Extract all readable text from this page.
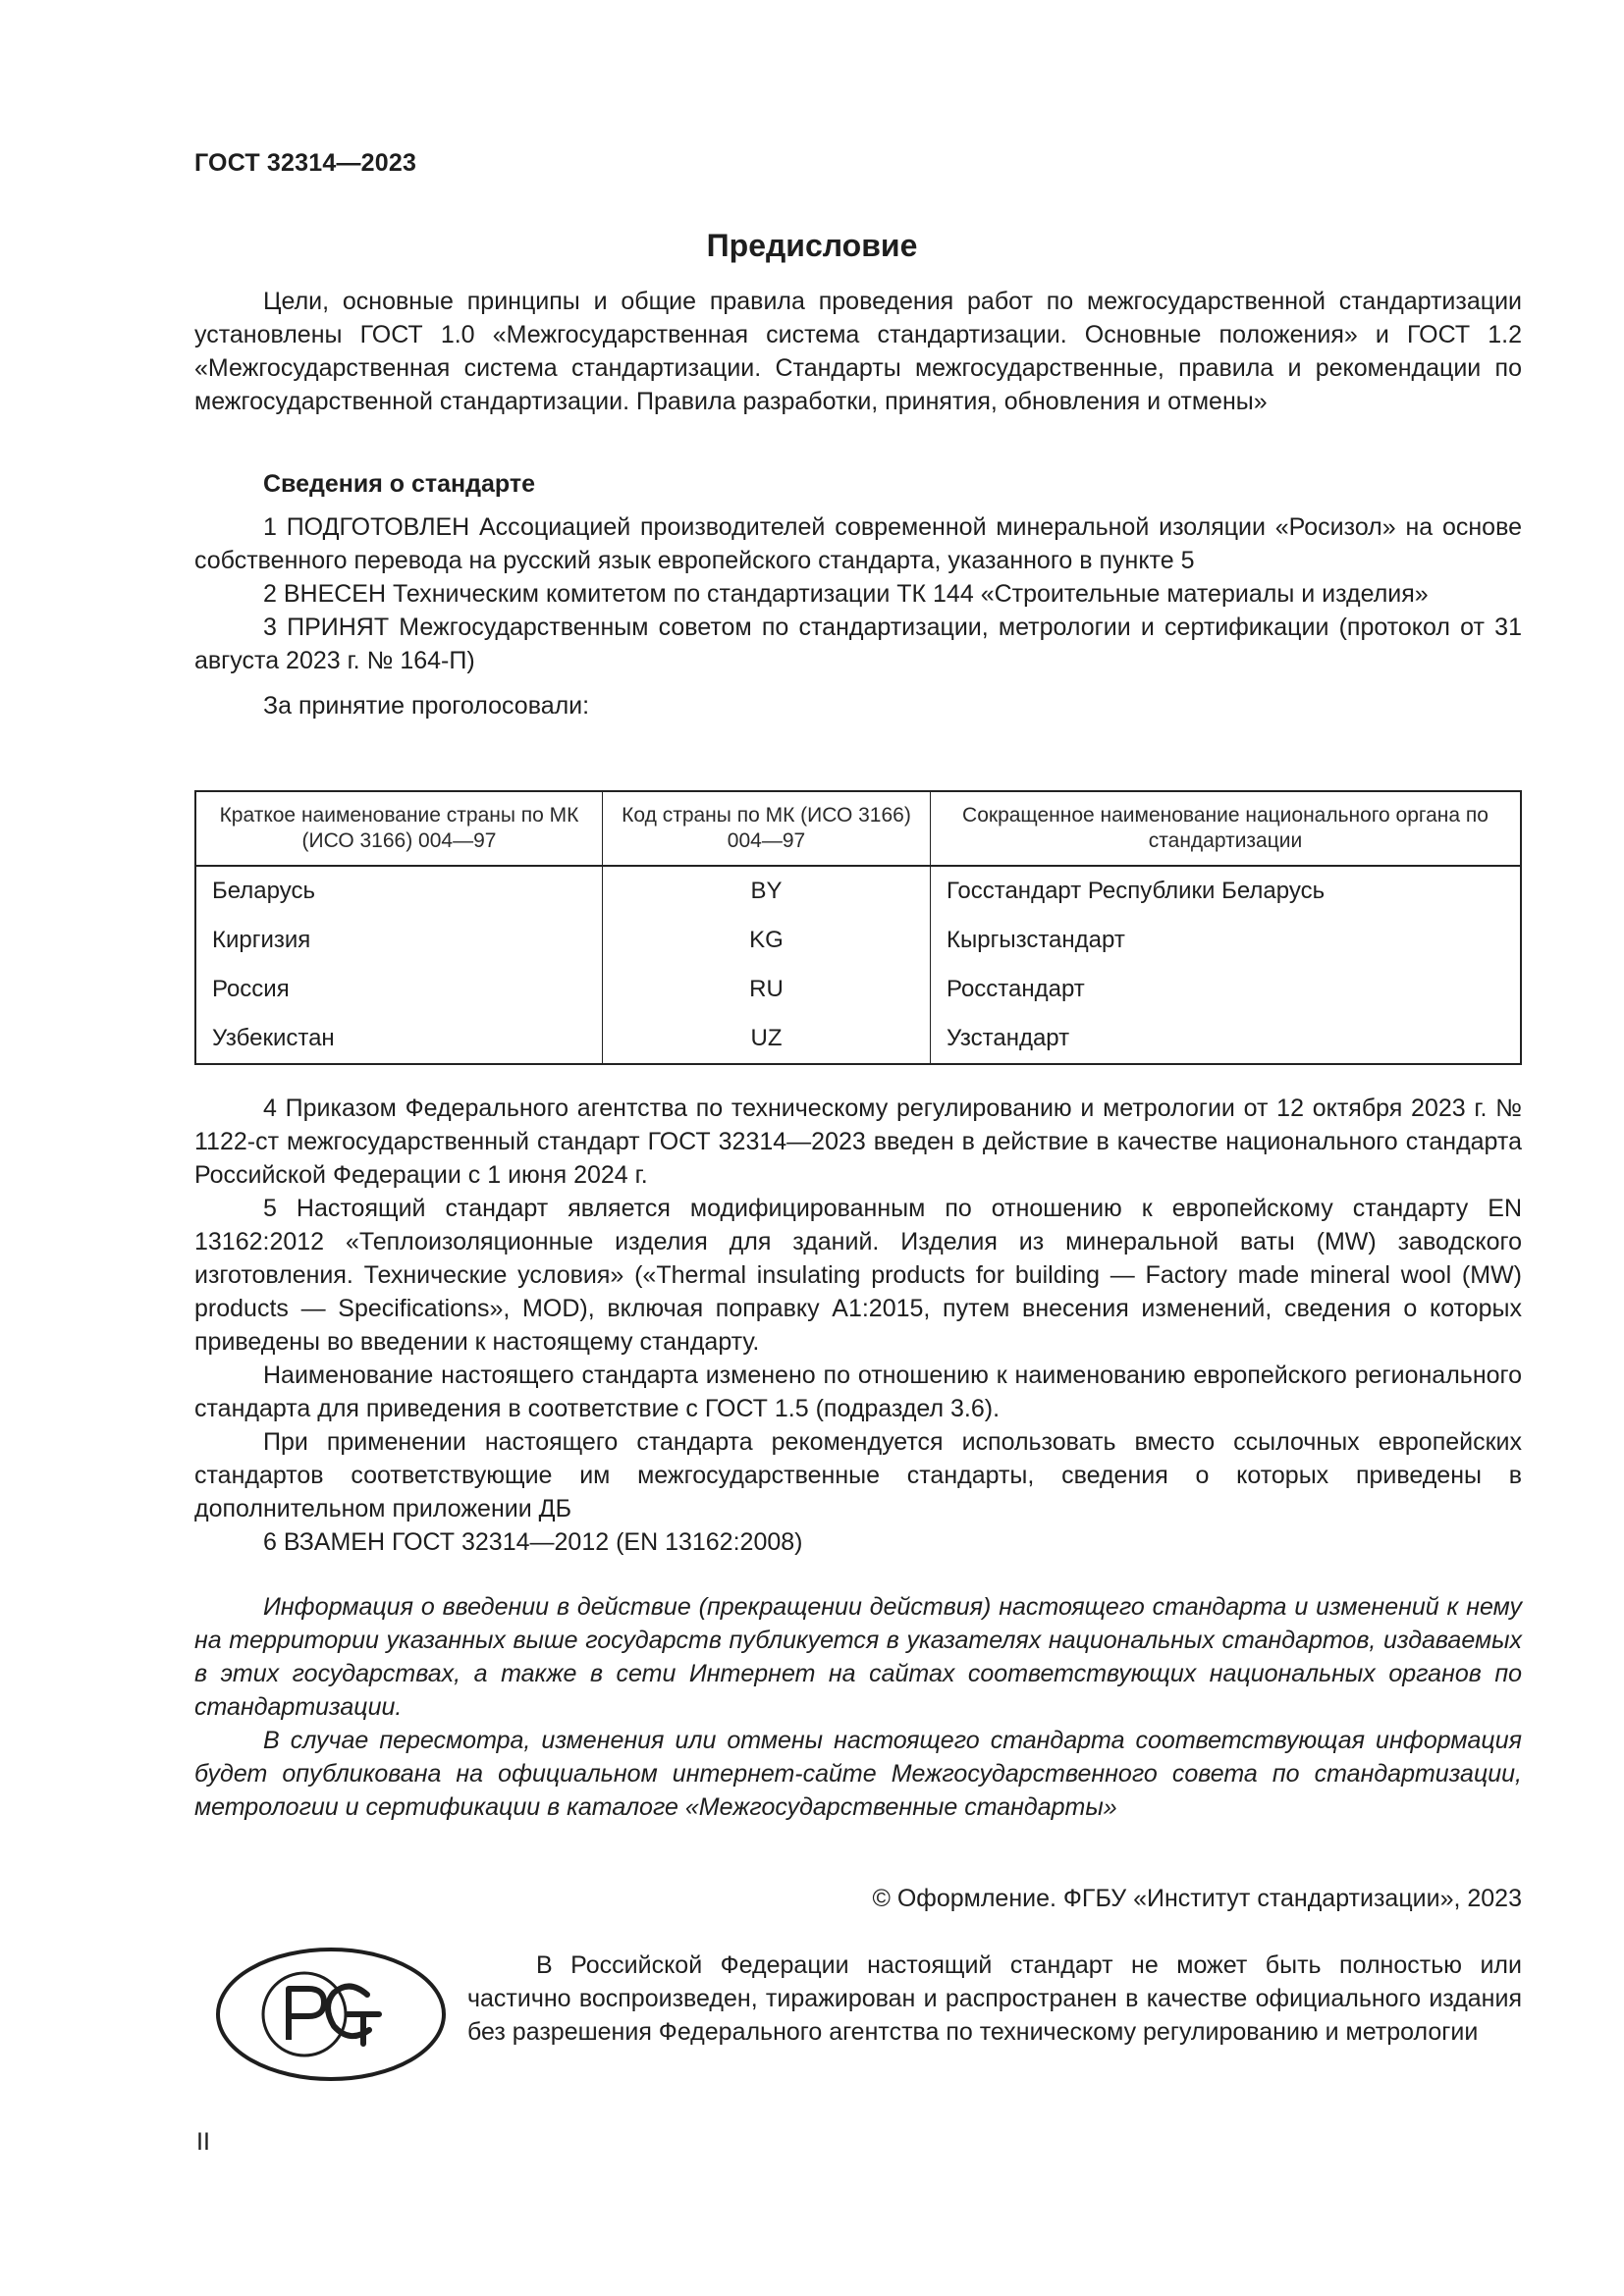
ГОСТ 32314—2023
Предисловие

Цели, основные принципы и общие правила проведения работ по межгосударственной стандартизации установлены ГОСТ 1.0 «Межгосударственная система стандартизации. Основные положения» и ГОСТ 1.2 «Межгосударственная система стандартизации. Стандарты межгосударственные, правила и рекомендации по межгосударственной стандартизации. Правила разработки, принятия, обновления и отмены»

Сведения о стандарте

1 ПОДГОТОВЛЕН Ассоциацией производителей современной минеральной изоляции «Росизол» на основе собственного перевода на русский язык европейского стандарта, указанного в пункте 5

2 ВНЕСЕН Техническим комитетом по стандартизации ТК 144 «Строительные материалы и изделия»

3 ПРИНЯТ Межгосударственным советом по стандартизации, метрологии и сертификации (протокол от 31 августа 2023 г. № 164-П)

За принятие проголосовали:

Краткое наименование страны по МК (ИСО 3166) 004—97	Код страны по МК (ИСО 3166) 004—97	Сокращенное наименование национального органа по стандартизации
Беларусь	BY	Госстандарт Республики Беларусь
Киргизия	KG	Кыргызстандарт
Россия	RU	Росстандарт
Узбекистан	UZ	Узстандарт

4 Приказом Федерального агентства по техническому регулированию и метрологии от 12 октября 2023 г. № 1122-ст межгосударственный стандарт ГОСТ 32314—2023 введен в действие в качестве национального стандарта Российской Федерации с 1 июня 2024 г.

5 Настоящий стандарт является модифицированным по отношению к европейскому стандарту EN 13162:2012 «Теплоизоляционные изделия для зданий. Изделия из минеральной ваты (MW) заводского изготовления. Технические условия» («Thermal insulating products for building — Factory made mineral wool (MW) products — Specifications», MOD), включая поправку A1:2015, путем внесения изменений, сведения о которых приведены во введении к настоящему стандарту.

Наименование настоящего стандарта изменено по отношению к наименованию европейского регионального стандарта для приведения в соответствие с ГОСТ 1.5 (подраздел 3.6).

При применении настоящего стандарта рекомендуется использовать вместо ссылочных европейских стандартов соответствующие им межгосударственные стандарты, сведения о которых приведены в дополнительном приложении ДБ

6 ВЗАМЕН ГОСТ 32314—2012 (EN 13162:2008)

Информация о введении в действие (прекращении действия) настоящего стандарта и изменений к нему на территории указанных выше государств публикуется в указателях национальных стандартов, издаваемых в этих государствах, а также в сети Интернет на сайтах соответствующих национальных органов по стандартизации.

В случае пересмотра, изменения или отмены настоящего стандарта соответствующая информация будет опубликована на официальном интернет-сайте Межгосударственного совета по стандартизации, метрологии и сертификации в каталоге «Межгосударственные стандарты»

© Оформление. ФГБУ «Институт стандартизации», 2023

В Российской Федерации настоящий стандарт не может быть полностью или частично воспроизведен, тиражирован и распространен в качестве официального издания без разрешения Федерального агентства по техническому регулированию и метрологии

II
